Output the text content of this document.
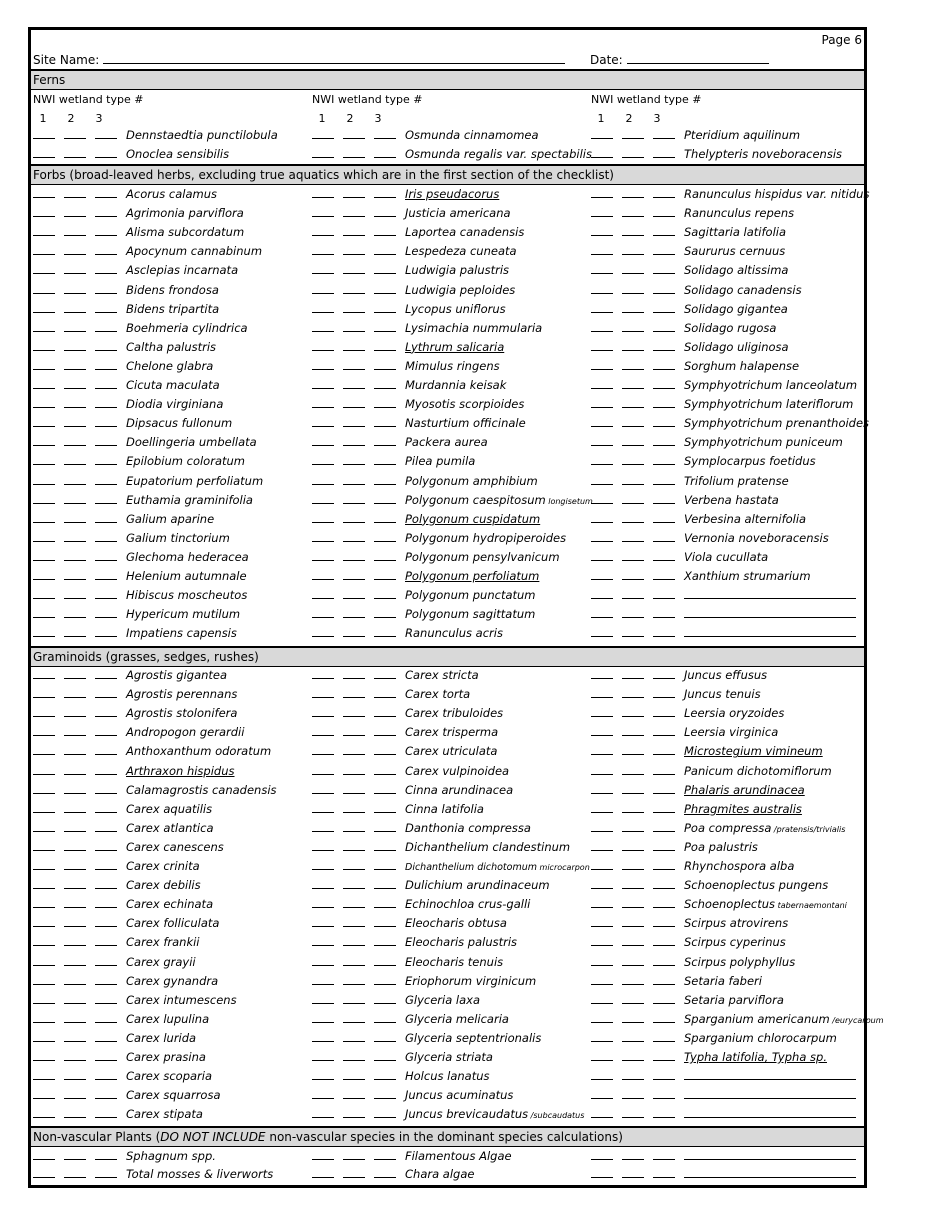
Page 6
Site Name:	Date:
Ferns
NWI wetland type #
1 2 3
NWI wetland type #
1 2 3
NWI wetland type #
1 2 3
Forbs (broad-leaved herbs, excluding true aquatics which are in the first section of the checklist)
Graminoids (grasses, sedges, rushes)
Non-vascular Plants (DO NOT INCLUDE non-vascular species in the dominant species calculations)
Dennstaedtia punctilobula	Osmunda cinnamomea	Pteridium aquilinum
Onoclea sensibilis	Osmunda regalis var. spectabilis	Thelypteris noveboracensis
Acorus calamus	Iris pseudacorus	Ranunculus hispidus var. nitidus
Agrimonia parviflora	Justicia americana	Ranunculus repens
Alisma subcordatum	Laportea canadensis	Sagittaria latifolia
Apocynum cannabinum	Lespedeza cuneata	Saururus cernuus
Asclepias incarnata	Ludwigia palustris	Solidago altissima
Bidens frondosa	Ludwigia peploides	Solidago canadensis
Bidens tripartita	Lycopus uniflorus	Solidago gigantea
Boehmeria cylindrica	Lysimachia nummularia	Solidago rugosa
Caltha palustris	Lythrum salicaria	Solidago uliginosa
Chelone glabra	Mimulus ringens	Sorghum halapense
Cicuta maculata	Murdannia keisak	Symphyotrichum lanceolatum
Diodia virginiana	Myosotis scorpioides	Symphyotrichum lateriflorum
Dipsacus fullonum	Nasturtium officinale	Symphyotrichum prenanthoides
Doellingeria umbellata	Packera aurea	Symphyotrichum puniceum
Epilobium coloratum	Pilea pumila	Symplocarpus foetidus
Eupatorium perfoliatum	Polygonum amphibium	Trifolium pratense
Euthamia graminifolia	Polygonum caespitosum longisetum	Verbena hastata
Galium aparine	Polygonum cuspidatum	Verbesina alternifolia
Galium tinctorium	Polygonum hydropiperoides	Vernonia noveboracensis
Glechoma hederacea	Polygonum pensylvanicum	Viola cucullata
Helenium autumnale	Polygonum perfoliatum	Xanthium strumarium
Hibiscus moscheutos	Polygonum punctatum
Hypericum mutilum	Polygonum sagittatum
Impatiens capensis	Ranunculus acris
Agrostis gigantea	Carex stricta	Juncus effusus
Agrostis perennans	Carex torta	Juncus tenuis
Agrostis stolonifera	Carex tribuloides	Leersia oryzoides
Andropogon gerardii	Carex trisperma	Leersia virginica
Anthoxanthum odoratum	Carex utriculata	Microstegium vimineum
Arthraxon hispidus	Carex vulpinoidea	Panicum dichotomiflorum
Calamagrostis canadensis	Cinna arundinacea	Phalaris arundinacea
Carex aquatilis	Cinna latifolia	Phragmites australis
Carex atlantica	Danthonia compressa	Poa compressa /pratensis/trivialis
Carex canescens	Dichanthelium clandestinum	Poa palustris
Carex crinita	Dichanthelium dichotomum microcarpon	Rhynchospora alba
Carex debilis	Dulichium arundinaceum	Schoenoplectus pungens
Carex echinata	Echinochloa crus-galli	Schoenoplectus tabernaemontani
Carex folliculata	Eleocharis obtusa	Scirpus atrovirens
Carex frankii	Eleocharis palustris	Scirpus cyperinus
Carex grayii	Eleocharis tenuis	Scirpus polyphyllus
Carex gynandra	Eriophorum virginicum	Setaria faberi
Carex intumescens	Glyceria laxa	Setaria parviflora
Carex lupulina	Glyceria melicaria	Sparganium americanum /eurycarpum
Carex lurida	Glyceria septentrionalis	Sparganium chlorocarpum
Carex prasina	Glyceria striata	Typha latifolia, Typha sp.
Carex scoparia	Holcus lanatus
Carex squarrosa	Juncus acuminatus
Carex stipata	Juncus brevicaudatus /subcaudatus
Sphagnum spp.	Filamentous Algae
Total mosses & liverworts	Chara algae
